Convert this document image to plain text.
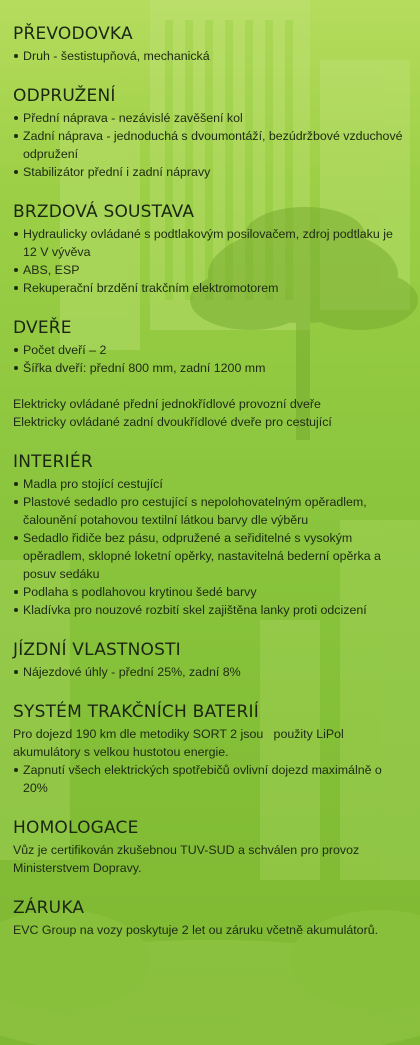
PŘEVODOVKA
Druh - šestistupňová, mechanická
ODPRUŽENÍ
Přední náprava - nezávislé zavěšení kol
Zadní náprava - jednoduchá s dvoumontáží, bezúdržbové vzduchové odpružení
Stabilizátor přední i zadní nápravy
BRZDOVÁ SOUSTAVA
Hydraulicky ovládané s podtlakovým posilovačem, zdroj podtlaku je 12 V vývěva
ABS, ESP
Rekuperační brzdění trakčním elektromotorem
DVEŘE
Počet dveří – 2
Šířka dveří: přední 800 mm, zadní 1200 mm

Elektricky ovládané přední jednokřídlové provozní dveře

Elektricky ovládané zadní dvoukřídlové dveře pro cestující

INTERIÉR
Madla pro stojící cestující
Plastové sedadlo pro cestující s nepolohovatelným opěradlem, čalounění potahovou textilní látkou barvy dle výběru
Sedadlo řidiče bez pásu, odpružené a seřiditelné s vysokým opěradlem, sklopné loketní opěrky, nastavitelná bederní opěrka a posuv sedáku
Podlaha s podlahovou krytinou šedé barvy
Kladívka pro nouzové rozbití skel zajištěna lanky proti odcizení
JÍZDNÍ VLASTNOSTI
Nájezdové úhly - přední 25%, zadní 8%
SYSTÉM TRAKČNÍCH BATERIÍ

Pro dojezd 190 km dle metodiky SORT 2 jsou   použity LiPol akumulátory s velkou hustotou energie.

Zapnutí všech elektrických spotřebičů ovlivní dojezd maximálně o 20%
HOMOLOGACE

Vůz je certifikován zkušebnou TUV-SUD a schválen pro provoz Ministerstvem Dopravy.

ZÁRUKA

EVC Group na vozy poskytuje 2 let ou záruku včetně akumulátorů.
